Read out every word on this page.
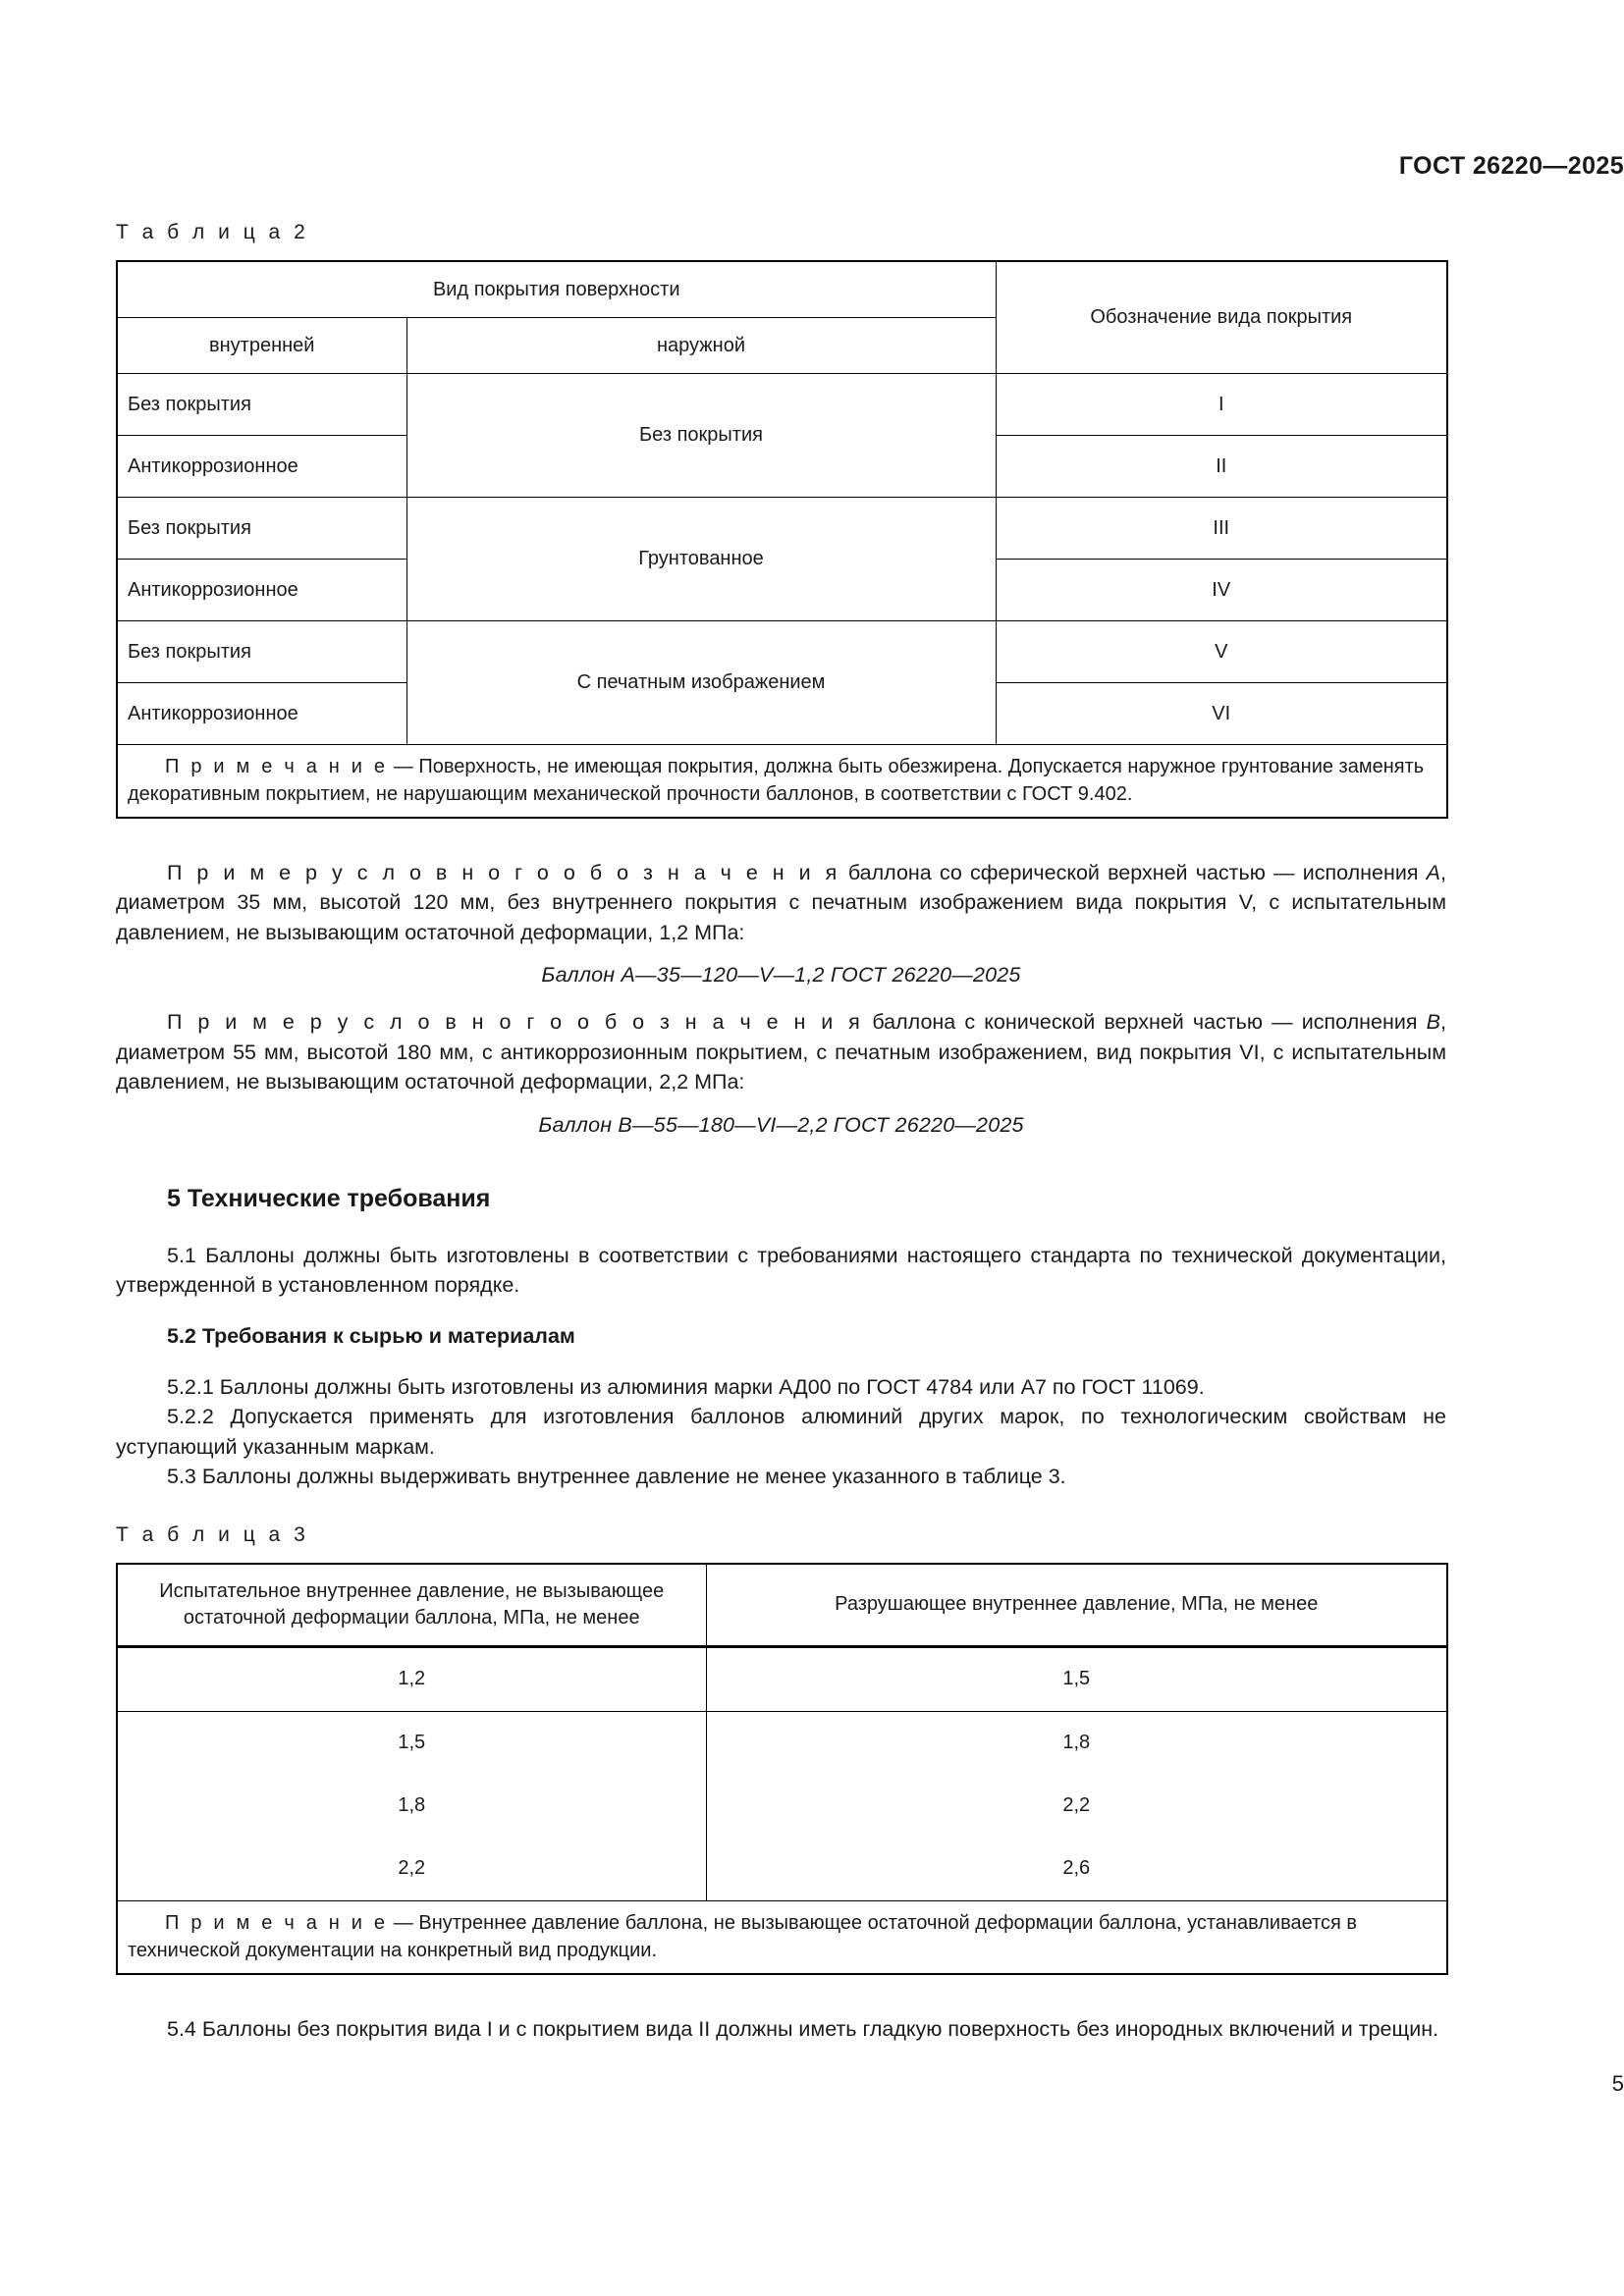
ГОСТ 26220—2025
Т а б л и ц а 2
Вид покрытия поверхности		Обозначение вида покрытия
внутренней	наружной	
Без покрытия	Без покрытия	I
Антикоррозионное		II
Без покрытия	Грунтованное	III
Антикоррозионное		IV
Без покрытия	С печатным изображением	V
Антикоррозионное		VI
П р и м е ч а н и е — Поверхность, не имеющая покрытия, должна быть обезжирена. Допускается наружное грунтование заменять декоративным покрытием, не нарушающим механической прочности баллонов, в соответствии с ГОСТ 9.402.		

П р и м е р у с л о в н о г о о б о з н а ч е н и я баллона со сферической верхней частью — исполнения А, диаметром 35 мм, высотой 120 мм, без внутреннего покрытия с печатным изображением вида покрытия V, с испытательным давлением, не вызывающим остаточной деформации, 1,2 МПа:

Баллон А—35—120—V—1,2 ГОСТ 26220—2025

П р и м е р у с л о в н о г о о б о з н а ч е н и я баллона с конической верхней частью — исполнения В, диаметром 55 мм, высотой 180 мм, с антикоррозионным покрытием, с печатным изображением, вид покрытия VI, с испытательным давлением, не вызывающим остаточной деформации, 2,2 МПа:

Баллон В—55—180—VI—2,2 ГОСТ 26220—2025

5 Технические требования

5.1 Баллоны должны быть изготовлены в соответствии с требованиями настоящего стандарта по технической документации, утвержденной в установленном порядке.

5.2 Требования к сырью и материалам

5.2.1 Баллоны должны быть изготовлены из алюминия марки АД00 по ГОСТ 4784 или А7 по ГОСТ 11069.

5.2.2 Допускается применять для изготовления баллонов алюминий других марок, по технологическим свойствам не уступающий указанным маркам.

5.3 Баллоны должны выдерживать внутреннее давление не менее указанного в таблице 3.

Т а б л и ц а 3
Испытательное внутреннее давление, не вызывающее остаточной деформации баллона, МПа, не менее	Разрушающее внутреннее давление, МПа, не менее
1,2	1,5
1,5	1,8
1,8	2,2
2,2	2,6
П р и м е ч а н и е — Внутреннее давление баллона, не вызывающее остаточной деформации баллона, устанавливается в технической документации на конкретный вид продукции.	

5.4 Баллоны без покрытия вида I и с покрытием вида II должны иметь гладкую поверхность без инородных включений и трещин.

5
